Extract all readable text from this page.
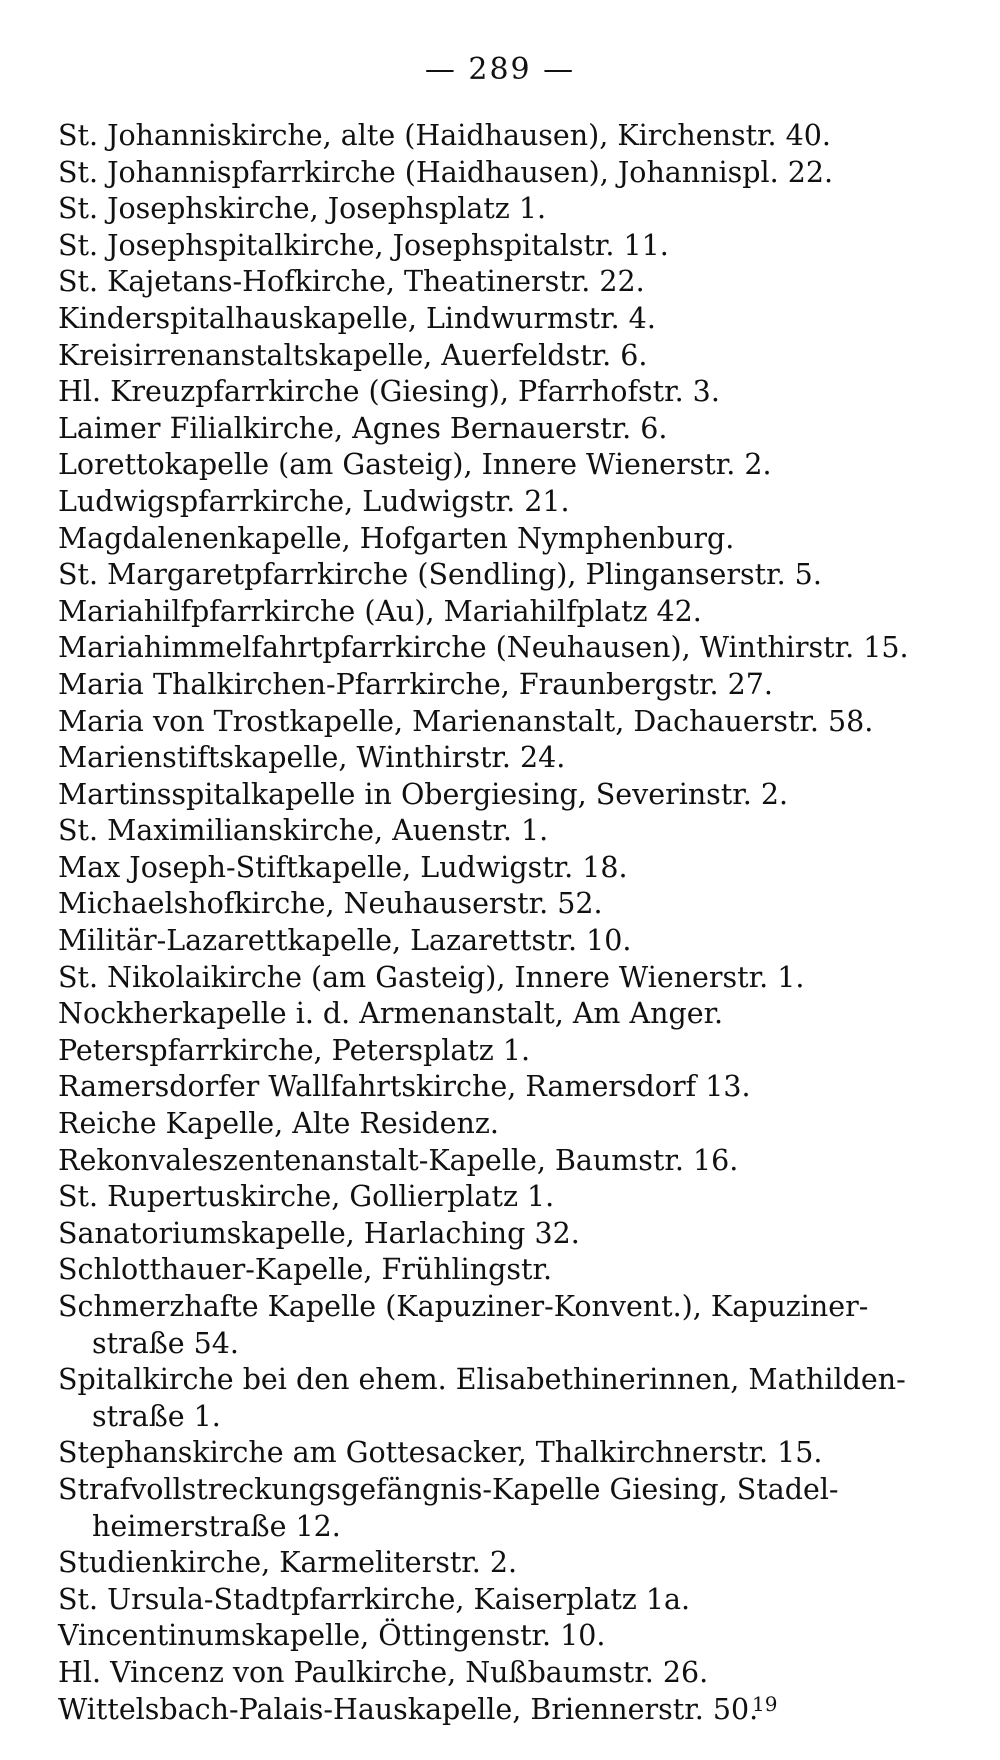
— 289 —
St. Johanniskirche, alte (Haidhausen), Kirchenstr. 40.
St. Johannispfarrkirche (Haidhausen), Johannispl. 22.
St. Josephskirche, Josephsplatz 1.
St. Josephspitalkirche, Josephspitalstr. 11.
St. Kajetans-Hofkirche, Theatinerstr. 22.
Kinderspitalhauskapelle, Lindwurmstr. 4.
Kreisirrenanstaltskapelle, Auerfeldstr. 6.
Hl. Kreuzpfarrkirche (Giesing), Pfarrhofstr. 3.
Laimer Filialkirche, Agnes Bernauerstr. 6.
Lorettokapelle (am Gasteig), Innere Wienerstr. 2.
Ludwigspfarrkirche, Ludwigstr. 21.
Magdalenenkapelle, Hofgarten Nymphenburg.
St. Margaretpfarrkirche (Sendling), Plinganserstr. 5.
Mariahilfpfarrkirche (Au), Mariahilfplatz 42.
Mariahimmelfahrtpfarrkirche (Neuhausen), Winthirstr. 15.
Maria Thalkirchen-Pfarrkirche, Fraunbergstr. 27.
Maria von Trostkapelle, Marienanstalt, Dachauerstr. 58.
Marienstiftskapelle, Winthirstr. 24.
Martinsspitalkapelle in Obergiesing, Severinstr. 2.
St. Maximilianskirche, Auenstr. 1.
Max Joseph-Stiftkapelle, Ludwigstr. 18.
Michaelshofkirche, Neuhauserstr. 52.
Militär-Lazarettkapelle, Lazarettstr. 10.
St. Nikolaikirche (am Gasteig), Innere Wienerstr. 1.
Nockherkapelle i. d. Armenanstalt, Am Anger.
Peterspfarrkirche, Petersplatz 1.
Ramersdorfer Wallfahrtskirche, Ramersdorf 13.
Reiche Kapelle, Alte Residenz.
Rekonvaleszentenanstalt-Kapelle, Baumstr. 16.
St. Rupertuskirche, Gollierplatz 1.
Sanatoriumskapelle, Harlaching 32.
Schlotthauer-Kapelle, Frühlingstr.
Schmerzhafte Kapelle (Kapuziner-Konvent.), Kapuziner-
straße 54.
Spitalkirche bei den ehem. Elisabethinerinnen, Mathilden-
straße 1.
Stephanskirche am Gottesacker, Thalkirchnerstr. 15.
Strafvollstreckungsgefängnis-Kapelle Giesing, Stadel-
heimerstraße 12.
Studienkirche, Karmeliterstr. 2.
St. Ursula-Stadtpfarrkirche, Kaiserplatz 1a.
Vincentinumskapelle, Öttingenstr. 10.
Hl. Vincenz von Paulkirche, Nußbaumstr. 26.
Wittelsbach-Palais-Hauskapelle, Briennerstr. 50.
19
